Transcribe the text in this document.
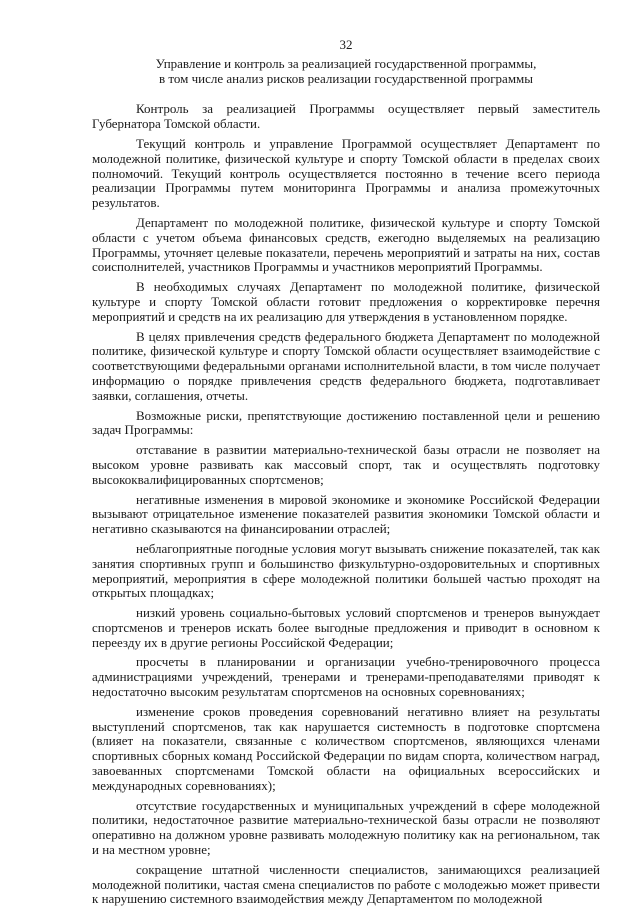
32
Управление и контроль за реализацией государственной программы,
в том числе анализ рисков реализации государственной программы

Контроль за реализацией Программы осуществляет первый заместитель Губернатора Томской области.

Текущий контроль и управление Программой осуществляет Департамент по молодежной политике, физической культуре и спорту Томской области в пределах своих полномочий. Текущий контроль осуществляется постоянно в течение всего периода реализации Программы путем мониторинга Программы и анализа промежуточных результатов.

Департамент по молодежной политике, физической культуре и спорту Томской области с учетом объема финансовых средств, ежегодно выделяемых на реализацию Программы, уточняет целевые показатели, перечень мероприятий и затраты на них, состав соисполнителей, участников Программы и участников мероприятий Программы.

В необходимых случаях Департамент по молодежной политике, физической культуре и спорту Томской области готовит предложения о корректировке перечня мероприятий и средств на их реализацию для утверждения в установленном порядке.

В целях привлечения средств федерального бюджета Департамент по молодежной политике, физической культуре и спорту Томской области осуществляет взаимодействие с соответствующими федеральными органами исполнительной власти, в том числе получает информацию о порядке привлечения средств федерального бюджета, подготавливает заявки, соглашения, отчеты.

Возможные риски, препятствующие достижению поставленной цели и решению задач Программы:

отставание в развитии материально-технической базы отрасли не позволяет на высоком уровне развивать как массовый спорт, так и осуществлять подготовку высококвалифицированных спортсменов;

негативные изменения в мировой экономике и экономике Российской Федерации вызывают отрицательное изменение показателей развития экономики Томской области и негативно сказываются на финансировании отраслей;

неблагоприятные погодные условия могут вызывать снижение показателей, так как занятия спортивных групп и большинство физкультурно-оздоровительных и спортивных мероприятий, мероприятия в сфере молодежной политики большей частью проходят на открытых площадках;

низкий уровень социально-бытовых условий спортсменов и тренеров вынуждает спортсменов и тренеров искать более выгодные предложения и приводит в основном к переезду их в другие регионы Российской Федерации;

просчеты в планировании и организации учебно-тренировочного процесса администрациями учреждений, тренерами и тренерами-преподавателями приводят к недостаточно высоким результатам спортсменов на основных соревнованиях;

изменение сроков проведения соревнований негативно влияет на результаты выступлений спортсменов, так как нарушается системность в подготовке спортсмена (влияет на показатели, связанные с количеством спортсменов, являющихся членами спортивных сборных команд Российской Федерации по видам спорта, количеством наград, завоеванных спортсменами Томской области на официальных всероссийских и международных соревнованиях);

отсутствие государственных и муниципальных учреждений в сфере молодежной политики, недостаточное развитие материально-технической базы отрасли не позволяют оперативно на должном уровне развивать молодежную политику как на региональном, так и на местном уровне;

сокращение штатной численности специалистов, занимающихся реализацией молодежной политики, частая смена специалистов по работе с молодежью может привести к нарушению системного взаимодействия между Департаментом по молодежной
